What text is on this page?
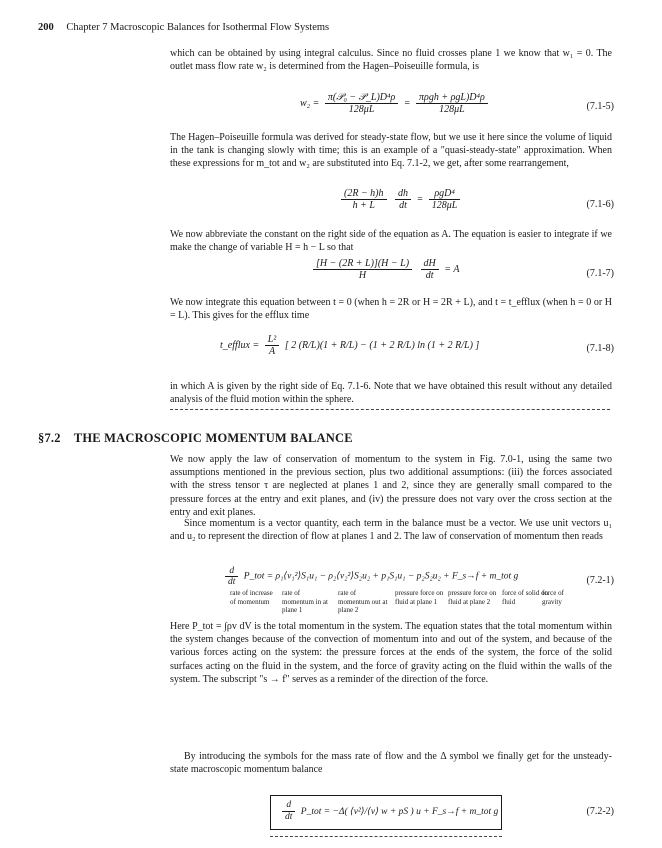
200 Chapter 7 Macroscopic Balances for Isothermal Flow Systems

which can be obtained by using integral calculus. Since no fluid crosses plane 1 we know that w₁ = 0. The outlet mass flow rate w₂ is determined from the Hagen–Poiseuille formula, is

$w_2 = \frac{\text{π(𝒫₀ − 𝒫\_L)D⁴ρ}}{128\mu L} = \frac{\text{πρgh + ρgL)D⁴ρ}}{128\mu L}$	(7.1-5)

The Hagen–Poiseuille formula was derived for steady-state flow, but we use it here since the volume of liquid in the tank is changing slowly with time; this is an example of a "quasi-steady-state" approximation. When these expressions for m_tot and w₂ are substituted into Eq. 7.1-2, we get, after some rearrangement,

$\frac{(2R - h)h}{h + L}$
$\frac{dh}{dt} = \frac{\text{ρgD⁴}}{128\mu L}$	(7.1-6)

We now abbreviate the constant on the right side of the equation as A. The equation is easier to integrate if we make the change of variable H = h − L so that

$\frac{[H - (2R + L)](H - L)}{H}$
$\frac{dH}{dt} = A$	(7.1-7)

We now integrate this equation between t = 0 (when h = 2R or H = 2R + L), and t = t_efflux (when h = 0 or H = L). This gives for the efflux time

t_efflux = $\frac{\text{L²}}{A}$ [ 2 (R/L)(1 + R/L) − (1 + 2 R/L) ln (1 + 2 R/L) ]	(7.1-8)

in which A is given by the right side of Eq. 7.1-6. Note that we have obtained this result without any detailed analysis of the fluid motion within the sphere.

§7.2 THE MACROSCOPIC MOMENTUM BALANCE

We now apply the law of conservation of momentum to the system in Fig. 7.0-1, using the same two assumptions mentioned in the previous section, plus two additional assumptions: (iii) the forces associated with the stress tensor τ are neglected at planes 1 and 2, since they are generally small compared to the pressure forces at the entry and exit planes, and (iv) the pressure does not vary over the cross section at the entry and exit planes.

Since momentum is a vector quantity, each term in the balance must be a vector. We use unit vectors u₁ and u₂ to represent the direction of flow at planes 1 and 2. The law of conservation of momentum then reads

$\frac{d}{dt}$ P_tot = ρ₁⟨v₁²⟩S₁u₁ − ρ₂⟨v₂²⟩S₂u₂ + p₁S₁u₁ − p₂S₂u₂ + F_s→f + m_tot g	(7.2-1)
rate of increase of momentum
rate of momentum in at plane 1
rate of momentum out at plane 2
pressure force on fluid at plane 1
pressure force on fluid at plane 2
force of solid on fluid
force of gravity

Here P_tot = ∫ρv dV is the total momentum in the system. The equation states that the total momentum within the system changes because of the convection of momentum into and out of the system, and because of the various forces acting on the system: the pressure forces at the ends of the system, the force of the solid surfaces acting on the fluid in the system, and the force of gravity acting on the fluid within the walls of the system. The subscript "s → f" serves as a reminder of the direction of the force.

By introducing the symbols for the mass rate of flow and the Δ symbol we finally get for the unsteady-state macroscopic momentum balance

$\frac{d}{dt}$ P_tot = −Δ( ⟨v²⟩/⟨v⟩ w + pS ) u + F_s→f + m_tot g	(7.2-2)
